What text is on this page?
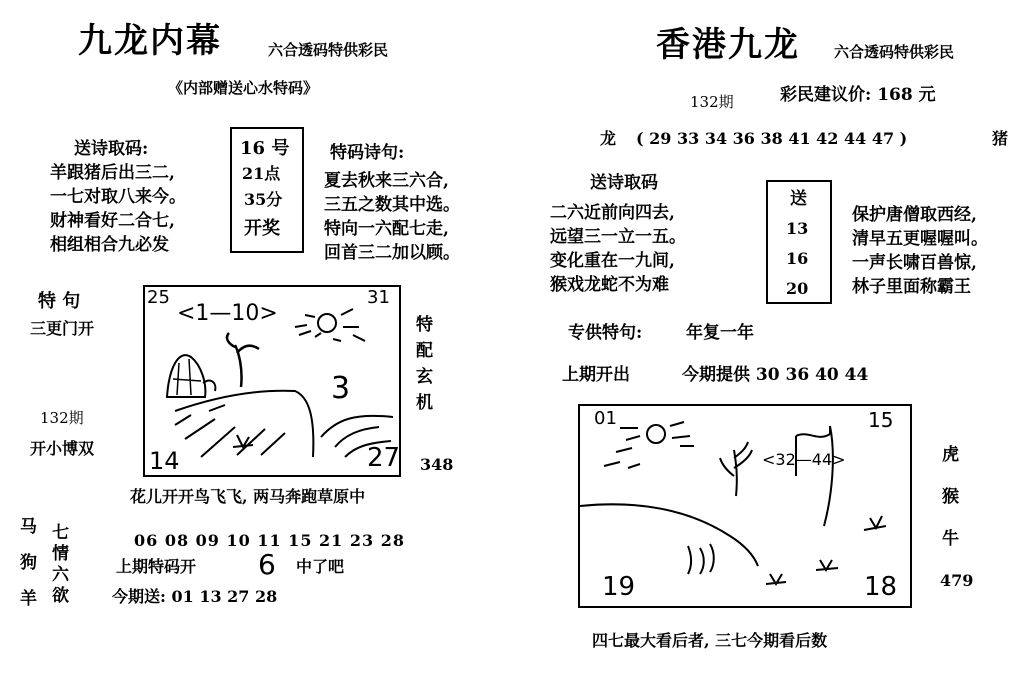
九龙内幕	六合透码特供彩民
《内部赠送心水特码》
送诗取码:
羊跟猪后出三二,
一七对取八来今。
财神看好二合七,
相组相合九必发
16 号
21点
35分
开奖
特码诗句:
夏去秋来三六合,
三五之数其中选。
特向一六配七走,
回首三二加以顾。
特 句
三更门开
132期
开小博双
<1—10>
25	31
3
14	27
特
配
玄
机
348
花儿开开鸟飞飞, 两马奔跑草原中
马
狗
羊
七
情
六
欲
06 08 09 10 11 15 21 23 28
上期特码开 6 中了吧
今期送: 01 13 27 28
香港九龙 六合透码特供彩民
132期	彩民建议价: 168 元
龙 ( 29 33 34 36 38 41 42 44 47 )	猪
送诗取码
二六近前向四去,
远望三一立一五。
变化重在一九间,
猴戏龙蛇不为难
送
13
16
20
保护唐僧取西经,
清早五更喔喔叫。
一声长啸百兽惊,
林子里面称霸王
专供特句:	年复一年
上期开出	今期提供 30 36 40 44
01	15
<32—44>
19	18
虎
猴
牛
479
四七最大看后者, 三七今期看后数
